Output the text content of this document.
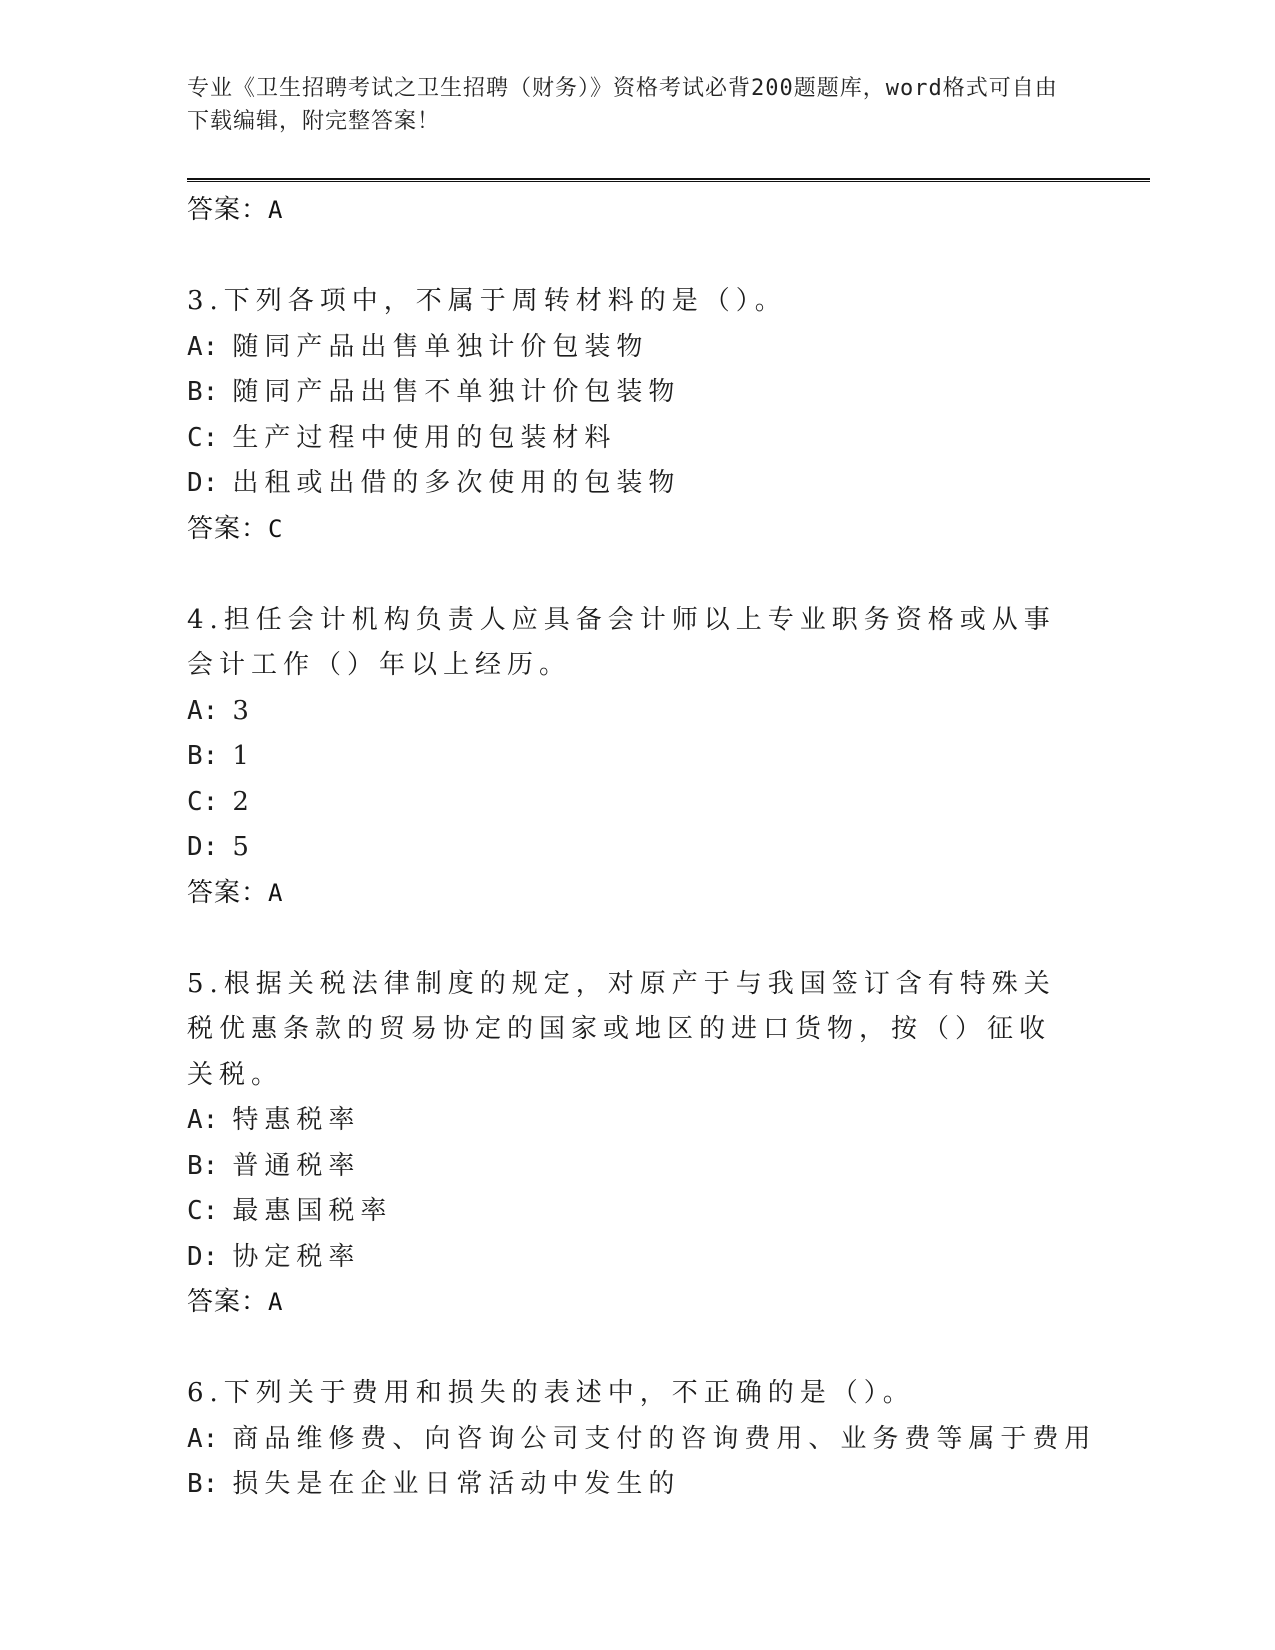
专业《卫生招聘考试之卫生招聘（财务）》资格考试必背200题题库，word格式可自由下载编辑，附完整答案！
答案：A
3.下列各项中，不属于周转材料的是（）。
A: 随同产品出售单独计价包装物
B: 随同产品出售不单独计价包装物
C: 生产过程中使用的包装材料
D: 出租或出借的多次使用的包装物
答案：C
4.担任会计机构负责人应具备会计师以上专业职务资格或从事会计工作（）年以上经历。
A: 3
B: 1
C: 2
D: 5
答案：A
5.根据关税法律制度的规定，对原产于与我国签订含有特殊关税优惠条款的贸易协定的国家或地区的进口货物，按（）征收关税。
A: 特惠税率
B: 普通税率
C: 最惠国税率
D: 协定税率
答案：A
6.下列关于费用和损失的表述中，不正确的是（）。
A: 商品维修费、向咨询公司支付的咨询费用、业务费等属于费用
B: 损失是在企业日常活动中发生的
